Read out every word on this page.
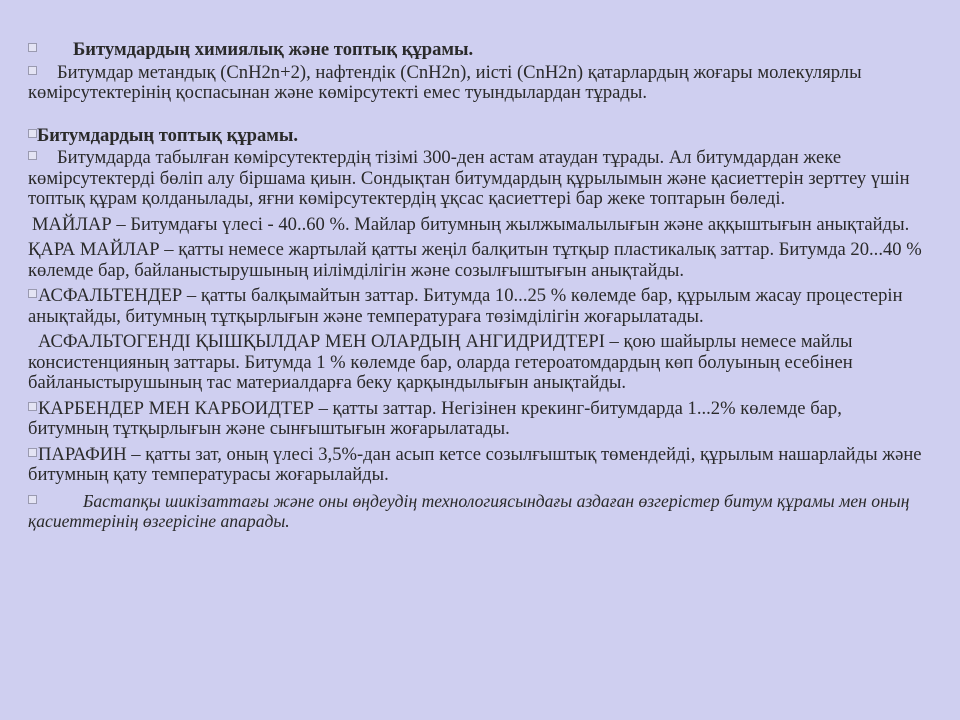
Битумдардың химиялық және топтық құрамы.

Битумдар метандық (CnH2n+2), нафтендік (CnH2n), иісті (CnH2n) қатарлардың жоғары молекулярлы көмірсутектерінің қоспасынан және көмірсутекті емес туындылардан тұрады.

Битумдардың топтық құрамы.

Битумдарда табылған көмірсутектердің тізімі 300-ден астам атаудан тұрады. Ал битумдардан жеке көмірсутектерді бөліп алу біршама қиын. Сондықтан битумдардың құрылымын және қасиеттерін зерттеу үшін топтық құрам қолданылады, яғни көмірсутектердің ұқсас қасиеттері бар жеке топтарын бөледі.

МАЙЛАР – Битумдағы үлесі - 40..60 %. Майлар битумның жылжымалылығын және аққыштығын анықтайды.

ҚАРА МАЙЛАР – қатты немесе жартылай қатты жеңіл балқитын тұтқыр пластикалық заттар. Битумда 20...40 % көлемде бар, байланыстырушының иілімділігін және созылғыштығын анықтайды.

АСФАЛЬТЕНДЕР – қатты балқымайтын заттар. Битумда 10...25 % көлемде бар, құрылым жасау процестерін анықтайды, битумның тұтқырлығын және температураға төзімділігін жоғарылатады.

АСФАЛЬТОГЕНДІ ҚЫШҚЫЛДАР МЕН ОЛАРДЫҢ АНГИДРИДТЕРІ – қою шайырлы немесе майлы консистенцияның заттары. Битумда 1 % көлемде бар, оларда гетероатомдардың көп болуының есебінен байланыстырушының тас материалдарға беку қарқындылығын анықтайды.

КАРБЕНДЕР МЕН КАРБОИДТЕР – қатты заттар. Негізінен крекинг-битумдарда 1...2% көлемде бар, битумның тұтқырлығын және сынғыштығын жоғарылатады.

ПАРАФИН – қатты зат, оның үлесі 3,5%-дан асып кетсе созылғыштық төмендейді, құрылым нашарлайды және битумның қату температурасы жоғарылайды.

Бастапқы шикізаттағы және оны өңдеудің технологиясындағы аздаған өзгерістер битум құрамы мен оның қасиеттерінің өзгерісіне апарады.
